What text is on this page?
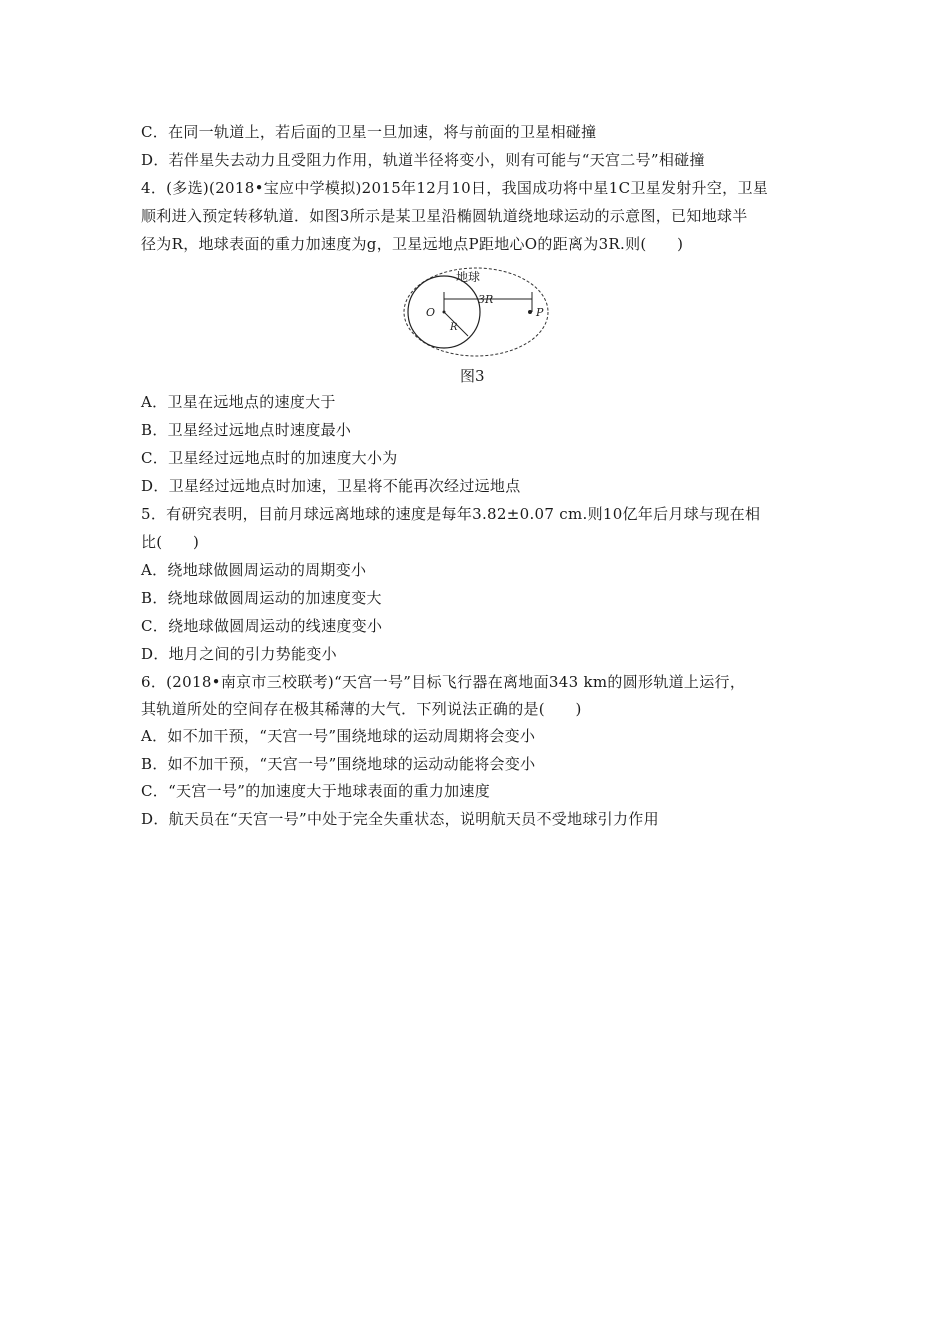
C．在同一轨道上，若后面的卫星一旦加速，将与前面的卫星相碰撞
D．若伴星失去动力且受阻力作用，轨道半径将变小，则有可能与“天宫二号”相碰撞
4．(多选)(2018•宝应中学模拟)2015年12月10日，我国成功将中星1C卫星发射升空，卫星
顺利进入预定转移轨道．如图3所示是某卫星沿椭圆轨道绕地球运动的示意图，已知地球半
径为R，地球表面的重力加速度为g，卫星远地点P距地心O的距离为3R.则(　　)
地球
3R
O
R
P
图3
A．卫星在远地点的速度大于
B．卫星经过远地点时速度最小
C．卫星经过远地点时的加速度大小为
D．卫星经过远地点时加速，卫星将不能再次经过远地点
5．有研究表明，目前月球远离地球的速度是每年3.82±0.07 cm.则10亿年后月球与现在相
比(　　)
A．绕地球做圆周运动的周期变小
B．绕地球做圆周运动的加速度变大
C．绕地球做圆周运动的线速度变小
D．地月之间的引力势能变小
6．(2018•南京市三校联考)“天宫一号”目标飞行器在离地面343 km的圆形轨道上运行，
其轨道所处的空间存在极其稀薄的大气．下列说法正确的是(　　)
A．如不加干预，“天宫一号”围绕地球的运动周期将会变小
B．如不加干预，“天宫一号”围绕地球的运动动能将会变小
C．“天宫一号”的加速度大于地球表面的重力加速度
D．航天员在“天宫一号”中处于完全失重状态，说明航天员不受地球引力作用
